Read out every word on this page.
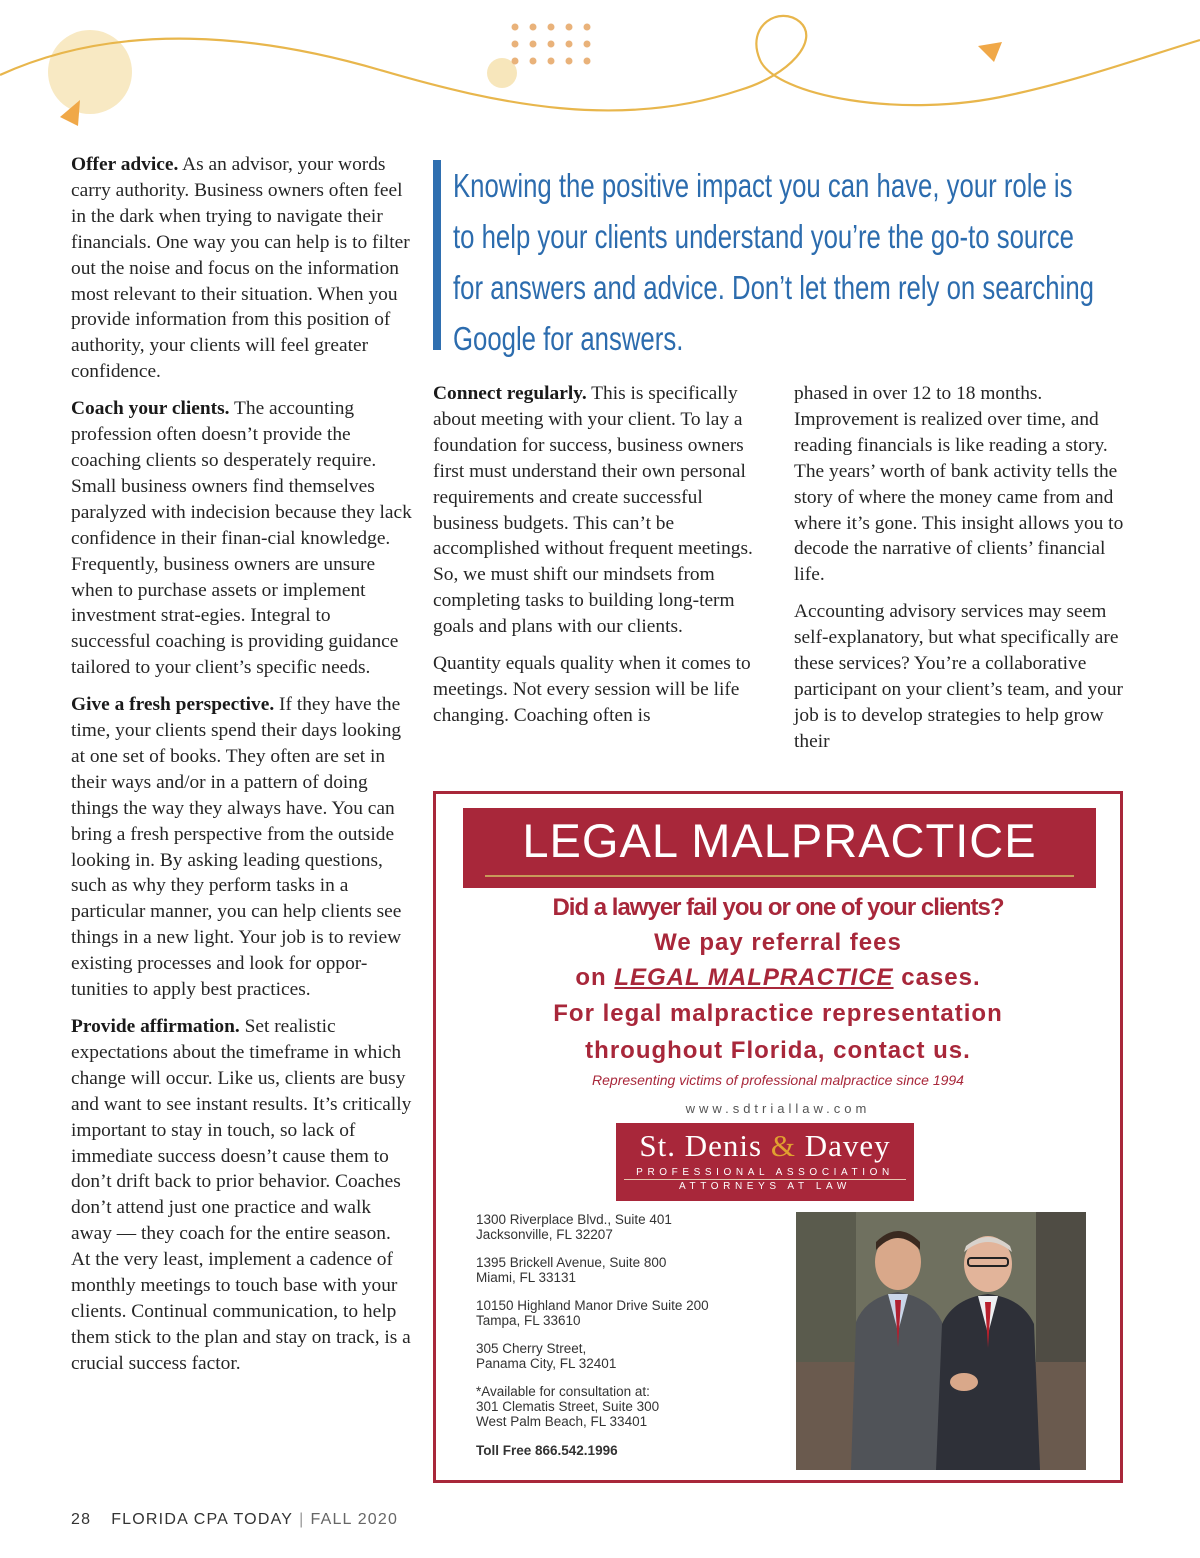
Offer advice. As an advisor, your words carry authority. Business owners often feel in the dark when trying to navigate their financials. One way you can help is to filter out the noise and focus on the information most relevant to their situation. When you provide information from this position of authority, your clients will feel greater confidence.

Coach your clients. The accounting profession often doesn’t provide the coaching clients so desperately require. Small business owners find themselves paralyzed with indecision because they lack confidence in their finan-cial knowledge. Frequently, business owners are unsure when to purchase assets or implement investment strat-egies. Integral to successful coaching is providing guidance tailored to your client’s specific needs.

Give a fresh perspective. If they have the time, your clients spend their days looking at one set of books. They often are set in their ways and/or in a pattern of doing things the way they always have. You can bring a fresh perspective from the outside looking in. By asking leading questions, such as why they perform tasks in a particular manner, you can help clients see things in a new light. Your job is to review existing processes and look for oppor-tunities to apply best practices.

Provide affirmation. Set realistic expectations about the timeframe in which change will occur. Like us, clients are busy and want to see instant results. It’s critically important to stay in touch, so lack of immediate success doesn’t cause them to don’t drift back to prior behavior. Coaches don’t attend just one practice and walk away — they coach for the entire season. At the very least, implement a cadence of monthly meetings to touch base with your clients. Continual communication, to help them stick to the plan and stay on track, is a crucial success factor.

Knowing the positive impact you can have, your role is
to help your clients understand you’re the go-to source
for answers and advice. Don’t let them rely on searching
Google for answers.

Connect regularly. This is specifically about meeting with your client. To lay a foundation for success, business owners first must understand their own personal requirements and create successful business budgets. This can’t be accomplished without frequent meetings. So, we must shift our mindsets from completing tasks to building long-term goals and plans with our clients.

Quantity equals quality when it comes to meetings. Not every session will be life changing. Coaching often is

phased in over 12 to 18 months. Improvement is realized over time, and reading financials is like reading a story. The years’ worth of bank activity tells the story of where the money came from and where it’s gone. This insight allows you to decode the narrative of clients’ financial life.

Accounting advisory services may seem self-explanatory, but what specifically are these services? You’re a collaborative participant on your client’s team, and your job is to develop strategies to help grow their

LEGAL MALPRACTICE
Did a lawyer fail you or one of your clients?
We pay referral fees
on LEGAL MALPRACTICE cases.
For legal malpractice representation
throughout Florida, contact us.
Representing victims of professional malpractice since 1994
www.sdtriallaw.com
St. Denis & Davey
PROFESSIONAL ASSOCIATION
ATTORNEYS AT LAW
1300 Riverplace Blvd., Suite 401
Jacksonville, FL 32207
1395 Brickell Avenue, Suite 800
Miami, FL 33131
10150 Highland Manor Drive Suite 200
Tampa, FL 33610
305 Cherry Street,
Panama City, FL 32401
*Available for consultation at:
301 Clematis Street, Suite 300
West Palm Beach, FL 33401
Toll Free 866.542.1996
28 FLORIDA CPA TODAY | FALL 2020
